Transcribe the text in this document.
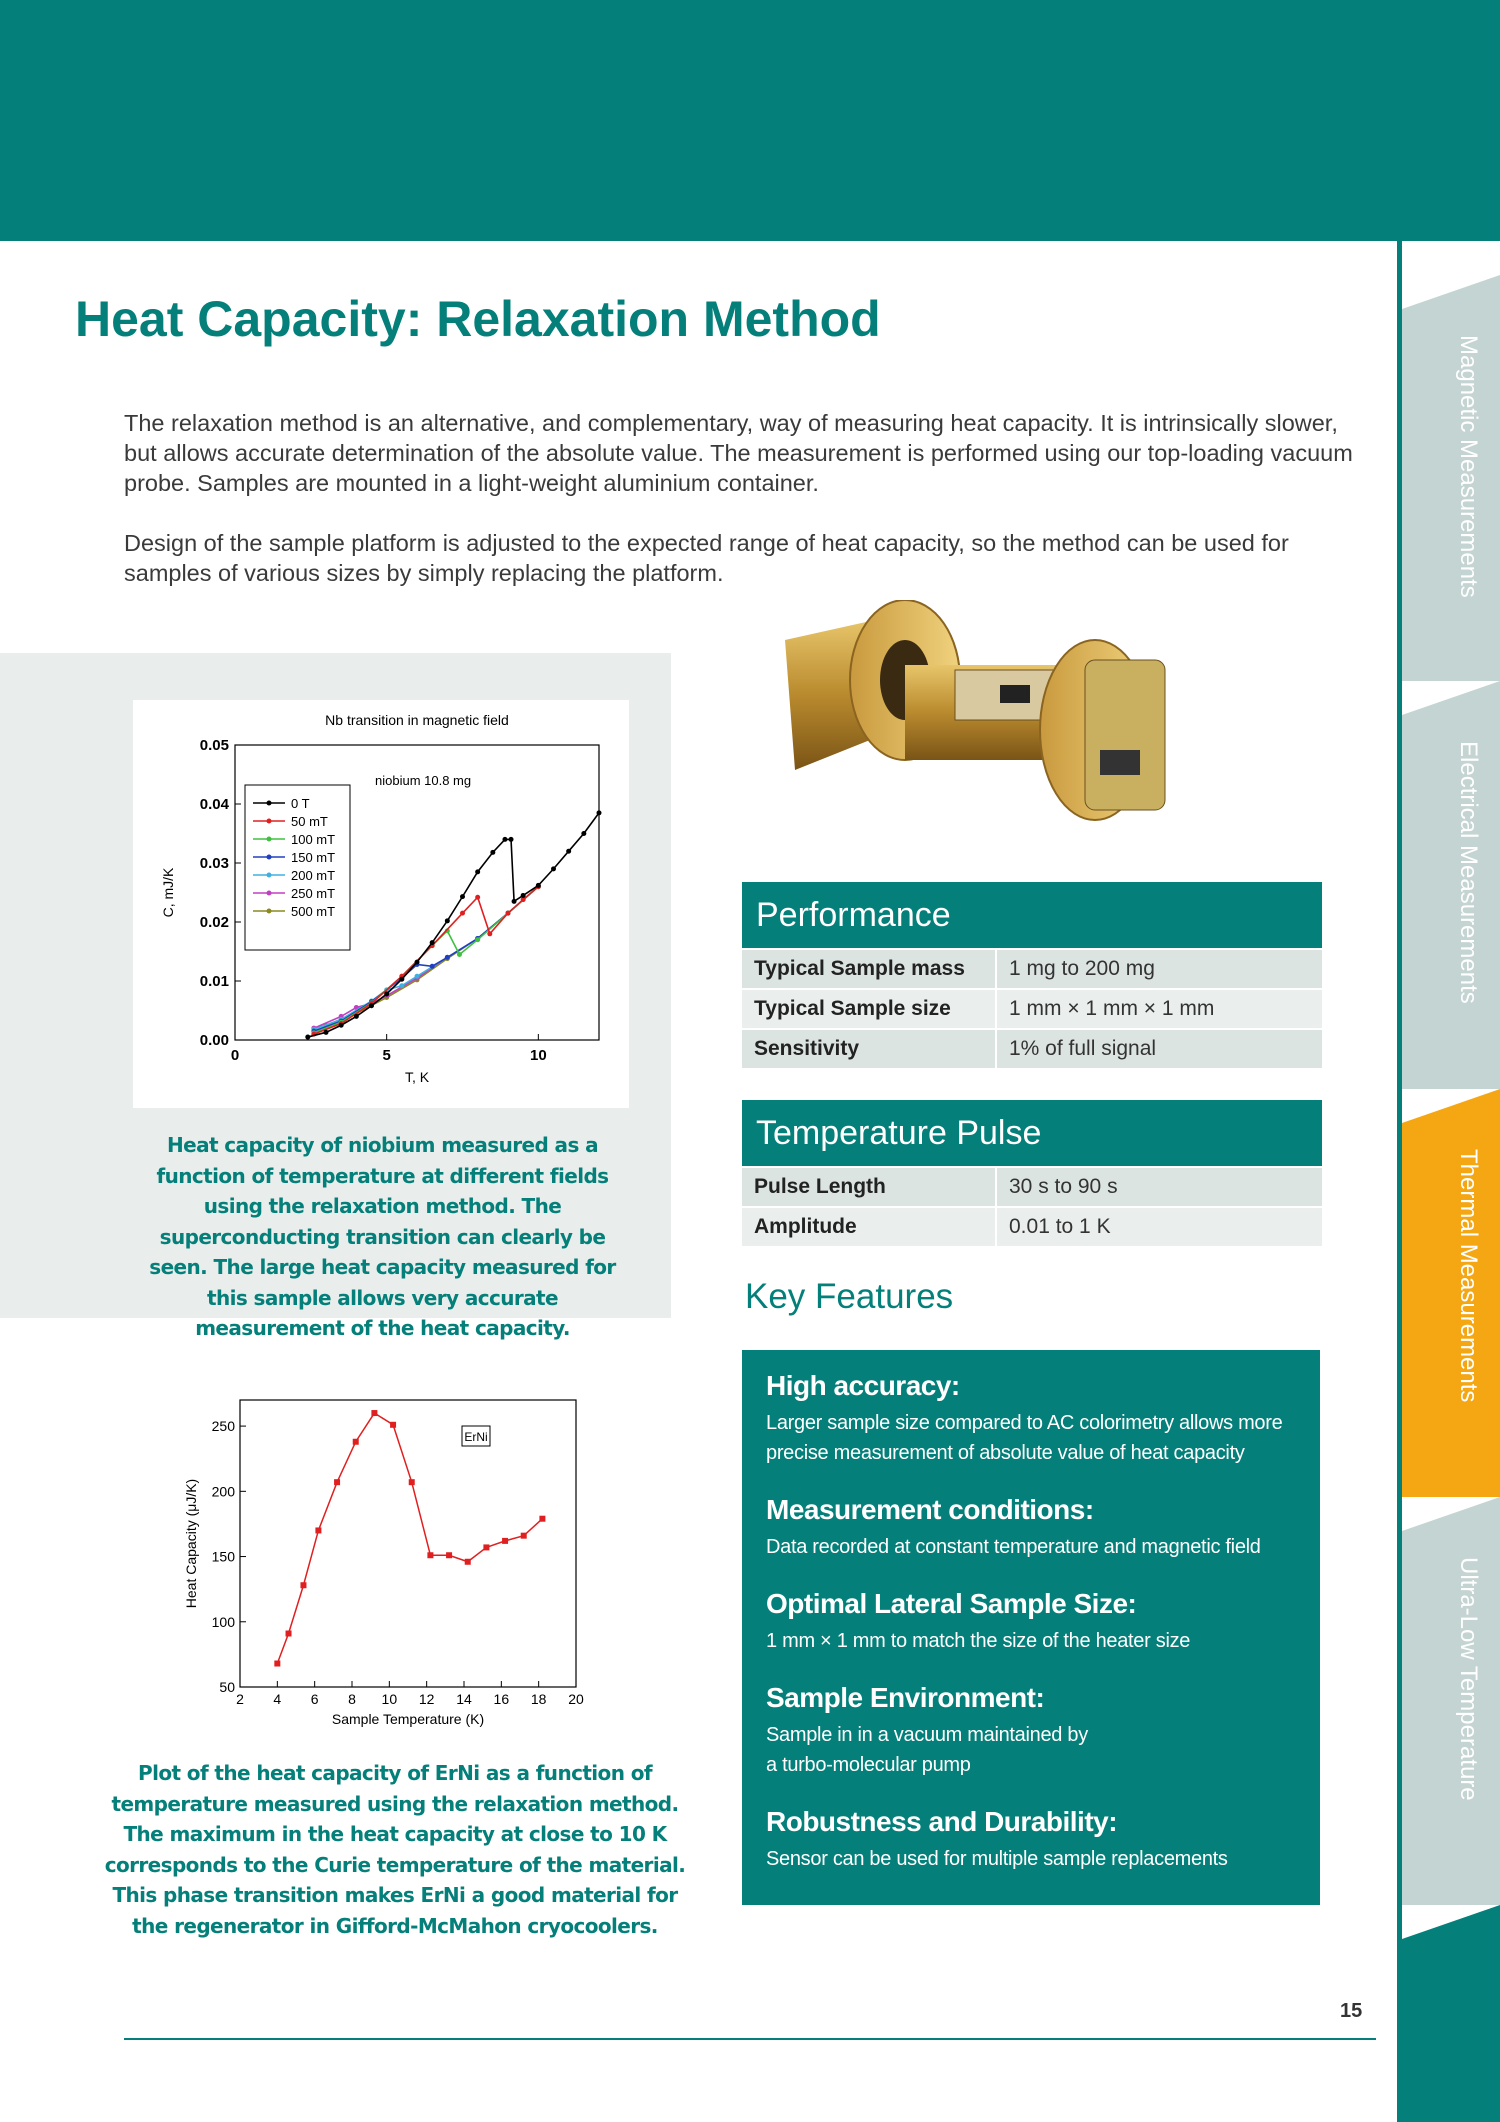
Magnetic Measurements
Electrical Measurements
Thermal Measurements
Ultra-Low Temperature
Heat Capacity: Relaxation Method

The relaxation method is an alternative, and complementary, way of measuring heat capacity. It is intrinsically slower, but allows accurate determination of the absolute value. The measurement is performed using our top-loading vacuum probe. Samples are mounted in a light-weight aluminium container.

Design of the sample platform is adjusted to the expected range of heat capacity, so the method can be used for samples of various sizes by simply replacing the platform.

Nb transition in magnetic field
niobium 10.8 mg
0	5	10
0.00
0.01
0.02
0.03
0.04
0.05
T, K
C, mJ/K
0 T
50 mT
100 mT
150 mT
200 mT
250 mT
500 mT
Heat capacity of niobium measured as a function of temperature at different fields using the relaxation method. The superconducting transition can clearly be seen. The large heat capacity measured for this sample allows very accurate measurement of the heat capacity.
2 4 6 8 10 12 14 16 18 20
50
100
150
200
250
Sample Temperature (K)
Heat Capacity (μJ/K)
ErNi
Plot of the heat capacity of ErNi as a function of temperature measured using the relaxation method. The maximum in the heat capacity at close to 10 K corresponds to the Curie temperature of the material. This phase transition makes ErNi a good material for the regenerator in Gifford-McMahon cryocoolers.
Performance
Typical Sample mass	1 mg to 200 mg
Typical Sample size	1 mm × 1 mm × 1 mm
Sensitivity	1% of full signal
Temperature Pulse
Pulse Length	30 s to 90 s
Amplitude	0.01 to 1 K
Key Features
High accuracy:
Larger sample size compared to AC colorimetry allows more precise measurement of absolute value of heat capacity
Measurement conditions:
Data recorded at constant temperature and magnetic field
Optimal Lateral Sample Size:
1 mm × 1 mm to match the size of the heater size
Sample Environment:
Sample in in a vacuum maintained by a turbo-molecular pump
Robustness and Durability:
Sensor can be used for multiple sample replacements
15
